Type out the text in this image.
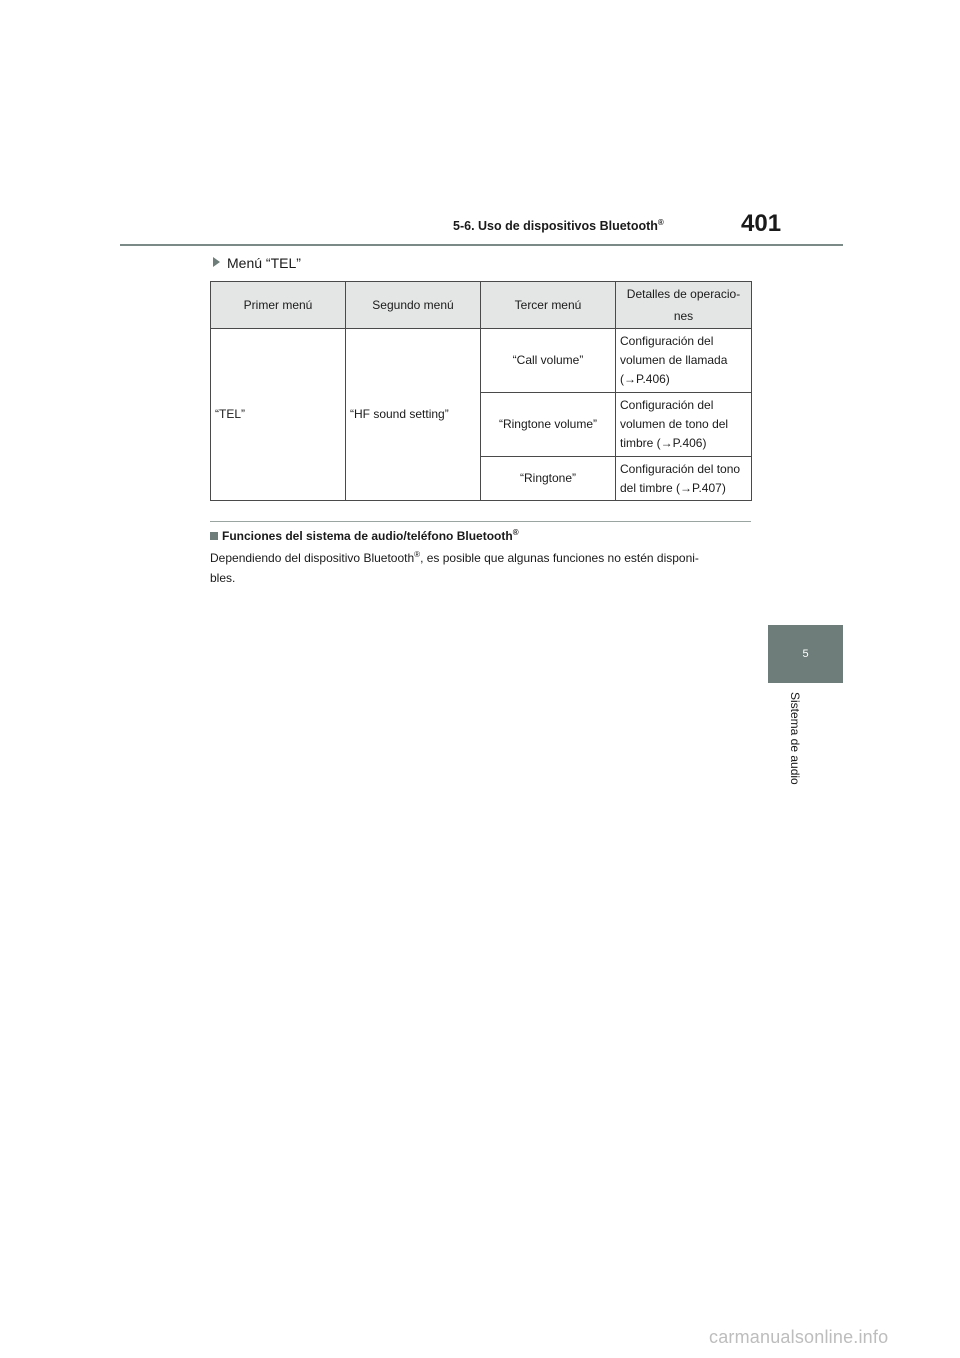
5-6. Uso de dispositivos Bluetooth®	401
Menú “TEL”
Primer menú	Segundo menú	Tercer menú	Detalles de operacio-
nes
“TEL”	“HF sound setting”	“Call volume”	Configuración del
volumen de llamada
(→P.406)
		“Ringtone volume”	Configuración del
volumen de tono del
timbre (→P.406)
		“Ringtone”	Configuración del tono
del timbre (→P.407)
Funciones del sistema de audio/teléfono Bluetooth®
Dependiendo del dispositivo Bluetooth®, es posible que algunas funciones no estén disponi-
bles.
5
Sistema de audio
carmanualsonline.info
